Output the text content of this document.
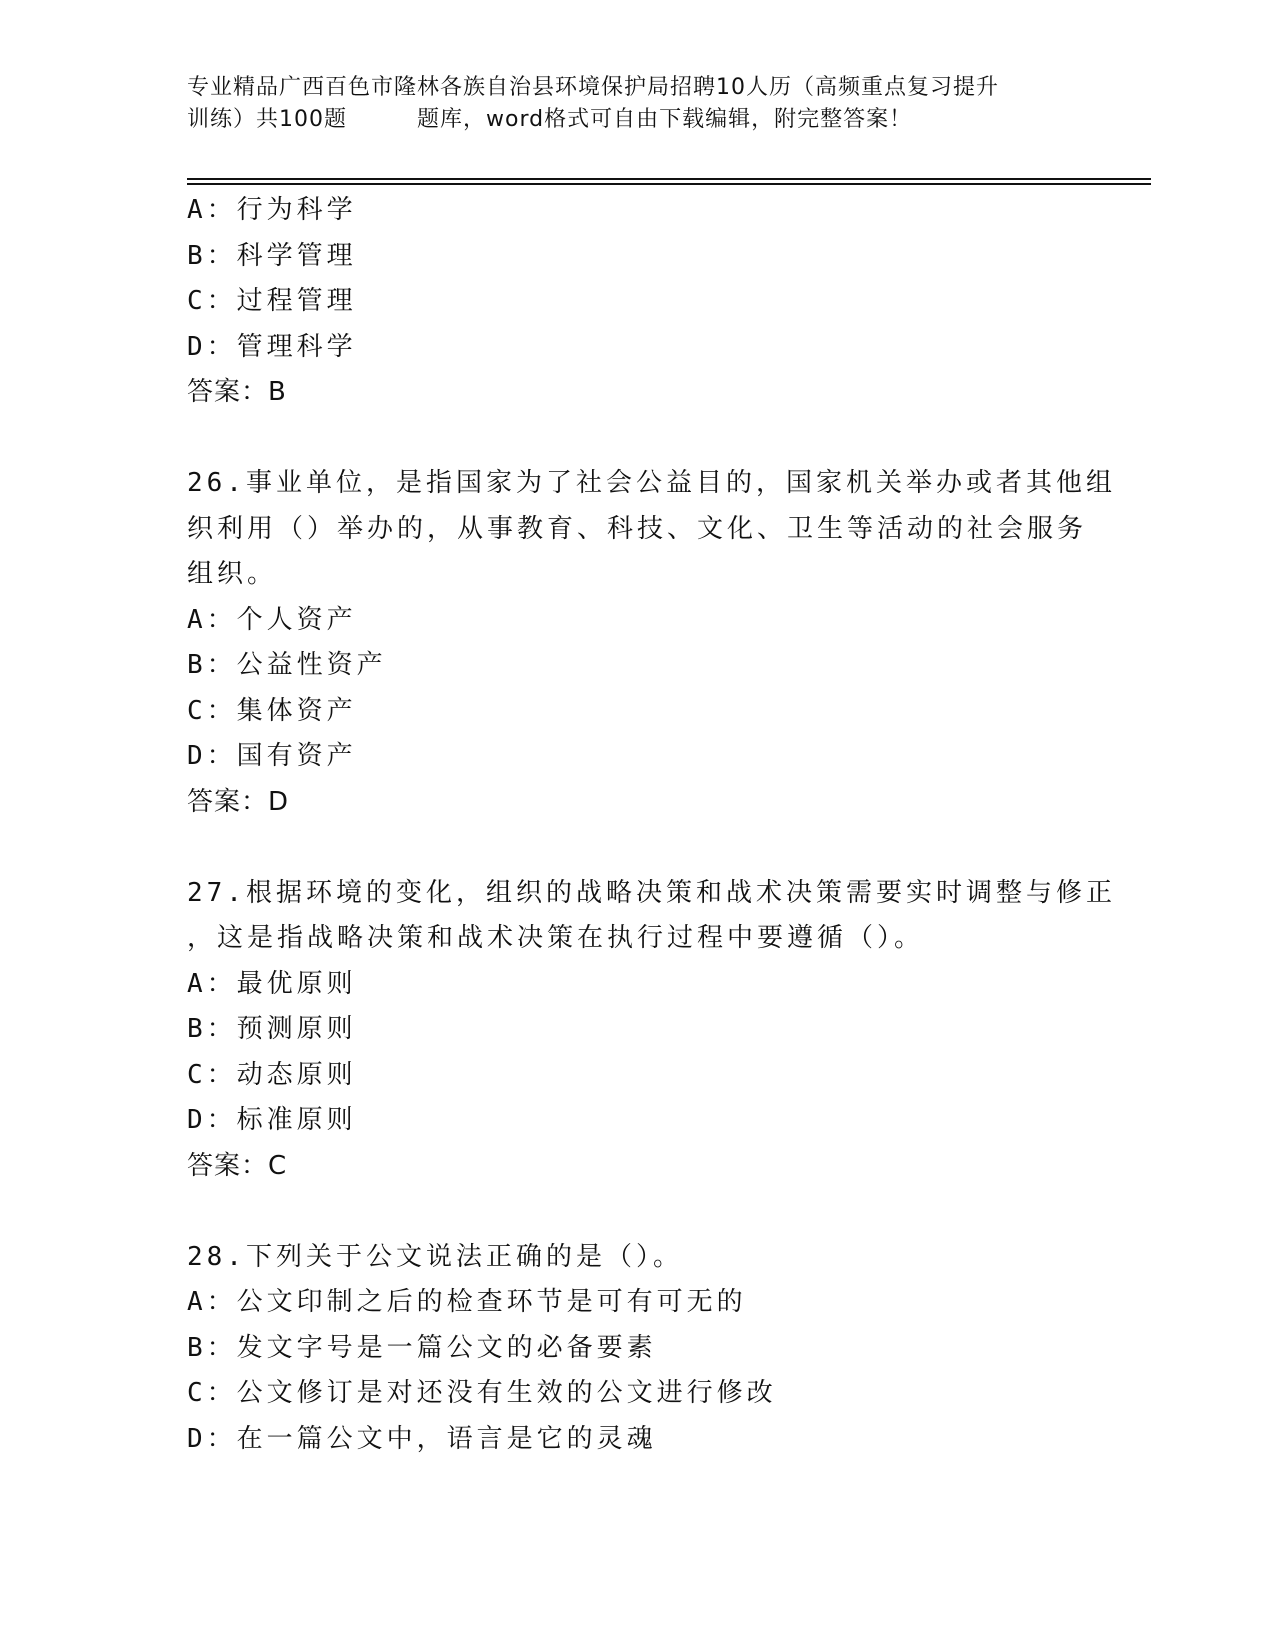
专业精品广西百色市隆林各族自治县环境保护局招聘10人历（高频重点复习提升
训练）共100题	题库，word格式可自由下载编辑，附完整答案！
A：行为科学
B：科学管理
C：过程管理
D：管理科学
答案：B
26.事业单位，是指国家为了社会公益目的，国家机关举办或者其他组
织利用（）举办的，从事教育、科技、文化、卫生等活动的社会服务
组织。
A：个人资产
B：公益性资产
C：集体资产
D：国有资产
答案：D
27.根据环境的变化，组织的战略决策和战术决策需要实时调整与修正
，这是指战略决策和战术决策在执行过程中要遵循（）。
A：最优原则
B：预测原则
C：动态原则
D：标准原则
答案：C
28.下列关于公文说法正确的是（）。
A：公文印制之后的检查环节是可有可无的
B：发文字号是一篇公文的必备要素
C：公文修订是对还没有生效的公文进行修改
D：在一篇公文中，语言是它的灵魂
